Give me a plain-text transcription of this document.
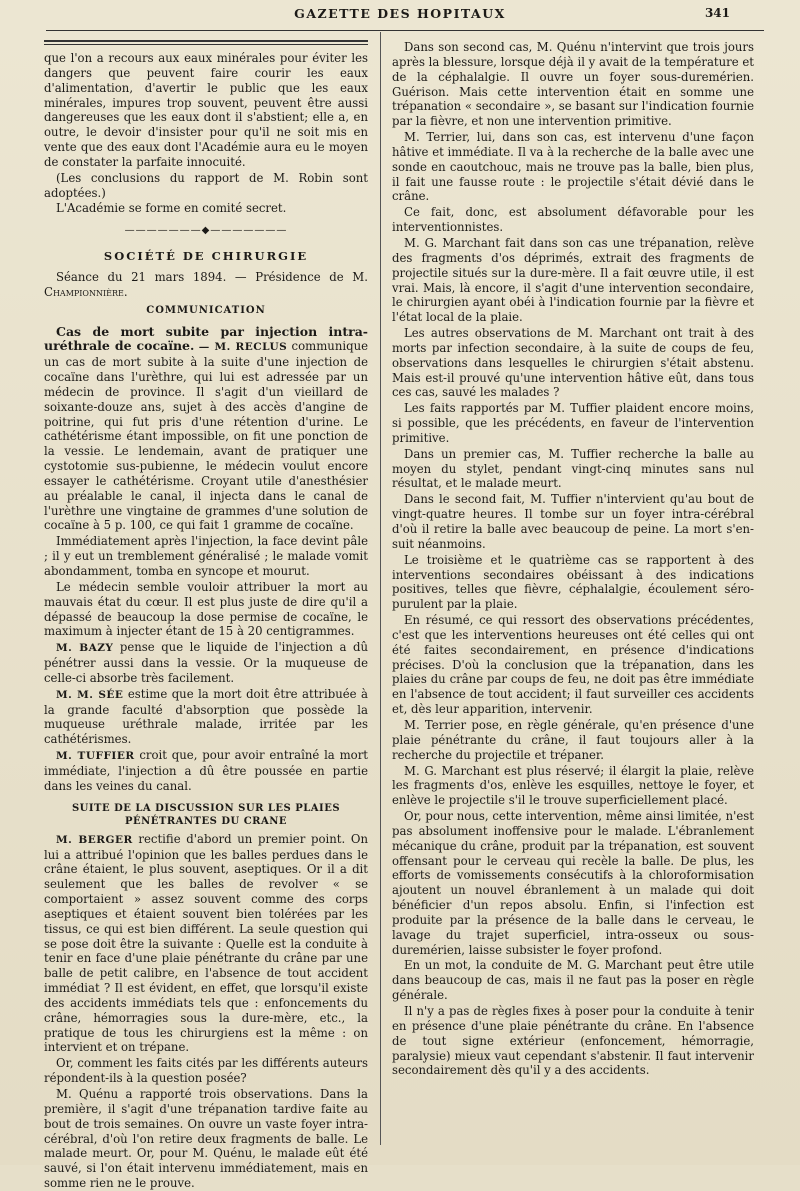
GAZETTE DES HOPITAUX	341

que l'on a recours aux eaux minérales pour éviter les dangers que peuvent faire courir les eaux d'alimentation, d'avertir le public que les eaux minérales, impures trop souvent, peuvent être aussi dangereuses que les eaux dont il s'abstient; elle a, en outre, le devoir d'insister pour qu'il ne soit mis en vente que des eaux dont l'Académie aura eu le moyen de constater la parfaite innocuité.

(Les conclusions du rapport de M. Robin sont adoptées.)

L'Académie se forme en comité secret.

———————◆———————
SOCIÉTÉ DE CHIRURGIE

Séance du 21 mars 1894. — Présidence de M. Championnière.

COMMUNICATION

Cas de mort subite par injection intra-uréthrale de cocaïne. — M. RECLUS communique un cas de mort subite à la suite d'une injection de cocaïne dans l'urèthre, qui lui est adressée par un médecin de province. Il s'agit d'un vieillard de soixante-douze ans, sujet à des accès d'angine de poitrine, qui fut pris d'une rétention d'urine. Le cathétérisme étant impossible, on fit une ponction de la vessie. Le lendemain, avant de pratiquer une cystotomie sus-pubienne, le médecin voulut encore essayer le cathétérisme. Croyant utile d'anesthésier au préalable le canal, il injecta dans le canal de l'urèthre une vingtaine de grammes d'une solution de cocaïne à 5 p. 100, ce qui fait 1 gramme de cocaïne.

Immédiatement après l'injection, la face devint pâle ; il y eut un tremblement généralisé ; le malade vomit abondamment, tomba en syncope et mourut.

Le médecin semble vouloir attribuer la mort au mauvais état du cœur. Il est plus juste de dire qu'il a dépassé de beaucoup la dose permise de cocaïne, le maximum à injecter étant de 15 à 20 centigrammes.

M. BAZY pense que le liquide de l'injection a dû pénétrer aussi dans la vessie. Or la muqueuse de celle-ci absorbe très facilement.

M. M. SÉE estime que la mort doit être attribuée à la grande faculté d'absorption que possède la muqueuse uréthrale malade, irritée par les cathétérismes.

M. TUFFIER croit que, pour avoir entraîné la mort immédiate, l'injection a dû être poussée en partie dans les veines du canal.

SUITE DE LA DISCUSSION SUR LES PLAIES PÉNÉTRANTES DU CRANE

M. BERGER rectifie d'abord un premier point. On lui a attribué l'opinion que les balles perdues dans le crâne étaient, le plus souvent, aseptiques. Or il a dit seulement que les balles de revolver « se comportaient » assez souvent comme des corps aseptiques et étaient souvent bien tolérées par les tissus, ce qui est bien différent. La seule question qui se pose doit être la suivante : Quelle est la conduite à tenir en face d'une plaie pénétrante du crâne par une balle de petit calibre, en l'absence de tout accident immédiat ? Il est évident, en effet, que lorsqu'il existe des accidents immédiats tels que : enfoncements du crâne, hémorragies sous la dure-mère, etc., la pratique de tous les chirurgiens est la même : on intervient et on trépane.

Or, comment les faits cités par les différents auteurs répondent-ils à la question posée?

M. Quénu a rapporté trois observations. Dans la première, il s'agit d'une trépanation tardive faite au bout de trois semaines. On ouvre un vaste foyer intra-cérébral, d'où l'on retire deux fragments de balle. Le malade meurt. Or, pour M. Quénu, le malade eût été sauvé, si l'on était intervenu immédiatement, mais en somme rien ne le prouve.

Dans son second cas, M. Quénu n'intervint que trois jours après la blessure, lorsque déjà il y avait de la température et de la céphalalgie. Il ouvre un foyer sous-duremérien. Guérison. Mais cette intervention était en somme une trépanation « secondaire », se basant sur l'indication fournie par la fièvre, et non une intervention primitive.

M. Terrier, lui, dans son cas, est intervenu d'une façon hâtive et immédiate. Il va à la recherche de la balle avec une sonde en caoutchouc, mais ne trouve pas la balle, bien plus, il fait une fausse route : le projectile s'était dévié dans le crâne.

Ce fait, donc, est absolument défavorable pour les interventionnistes.

M. G. Marchant fait dans son cas une trépanation, relève des fragments d'os déprimés, extrait des fragments de projectile situés sur la dure-mère. Il a fait œuvre utile, il est vrai. Mais, là encore, il s'agit d'une intervention secondaire, le chirurgien ayant obéi à l'indication fournie par la fièvre et l'état local de la plaie.

Les autres observations de M. Marchant ont trait à des morts par infection secondaire, à la suite de coups de feu, observations dans lesquelles le chirurgien s'était abstenu. Mais est-il prouvé qu'une intervention hâtive eût, dans tous ces cas, sauvé les malades ?

Les faits rapportés par M. Tuffier plaident encore moins, si possible, que les précédents, en faveur de l'intervention primitive.

Dans un premier cas, M. Tuffier recherche la balle au moyen du stylet, pendant vingt-cinq minutes sans nul résultat, et le malade meurt.

Dans le second fait, M. Tuffier n'intervient qu'au bout de vingt-quatre heures. Il tombe sur un foyer intra-cérébral d'où il retire la balle avec beaucoup de peine. La mort s'en-suit néanmoins.

Le troisième et le quatrième cas se rapportent à des interventions secondaires obéissant à des indications positives, telles que fièvre, céphalalgie, écoulement séro-purulent par la plaie.

En résumé, ce qui ressort des observations précédentes, c'est que les interventions heureuses ont été celles qui ont été faites secondairement, en présence d'indications précises. D'où la conclusion que la trépanation, dans les plaies du crâne par coups de feu, ne doit pas être immédiate en l'absence de tout accident; il faut surveiller ces accidents et, dès leur apparition, intervenir.

M. Terrier pose, en règle générale, qu'en présence d'une plaie pénétrante du crâne, il faut toujours aller à la recherche du projectile et trépaner.

M. G. Marchant est plus réservé; il élargit la plaie, relève les fragments d'os, enlève les esquilles, nettoye le foyer, et enlève le projectile s'il le trouve superficiellement placé.

Or, pour nous, cette intervention, même ainsi limitée, n'est pas absolument inoffensive pour le malade. L'ébranlement mécanique du crâne, produit par la trépanation, est souvent offensant pour le cerveau qui recèle la balle. De plus, les efforts de vomissements consécutifs à la chloroformisation ajoutent un nouvel ébranlement à un malade qui doit bénéficier d'un repos absolu. Enfin, si l'infection est produite par la présence de la balle dans le cerveau, le lavage du trajet superficiel, intra-osseux ou sous-duremérien, laisse subsister le foyer profond.

En un mot, la conduite de M. G. Marchant peut être utile dans beaucoup de cas, mais il ne faut pas la poser en règle générale.

Il n'y a pas de règles fixes à poser pour la conduite à tenir en présence d'une plaie pénétrante du crâne. En l'absence de tout signe extérieur (enfoncement, hémorragie, paralysie) mieux vaut cependant s'abstenir. Il faut intervenir secondairement dès qu'il y a des accidents.
